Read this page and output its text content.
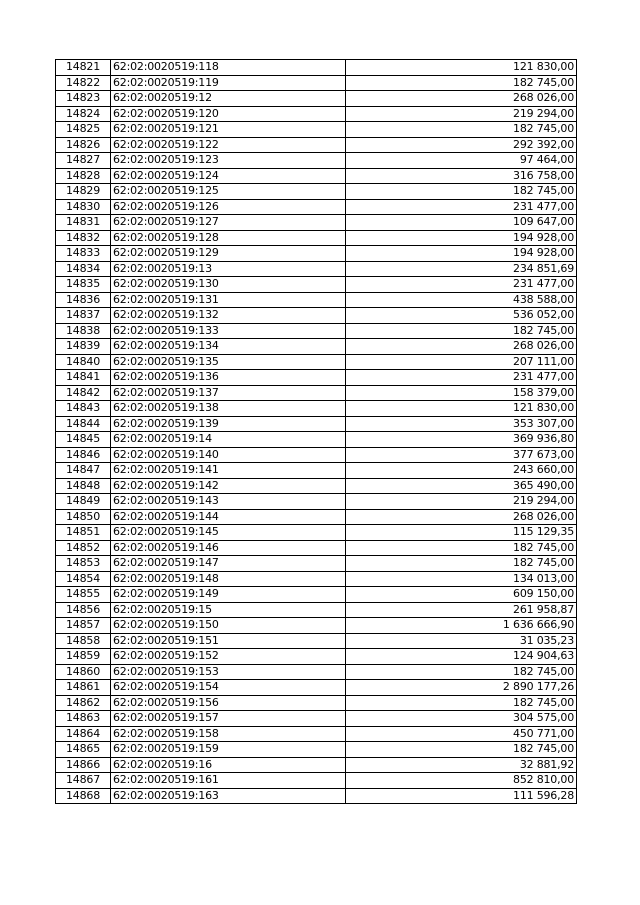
14821	62:02:0020519:118	121 830,00
14822	62:02:0020519:119	182 745,00
14823	62:02:0020519:12	268 026,00
14824	62:02:0020519:120	219 294,00
14825	62:02:0020519:121	182 745,00
14826	62:02:0020519:122	292 392,00
14827	62:02:0020519:123	97 464,00
14828	62:02:0020519:124	316 758,00
14829	62:02:0020519:125	182 745,00
14830	62:02:0020519:126	231 477,00
14831	62:02:0020519:127	109 647,00
14832	62:02:0020519:128	194 928,00
14833	62:02:0020519:129	194 928,00
14834	62:02:0020519:13	234 851,69
14835	62:02:0020519:130	231 477,00
14836	62:02:0020519:131	438 588,00
14837	62:02:0020519:132	536 052,00
14838	62:02:0020519:133	182 745,00
14839	62:02:0020519:134	268 026,00
14840	62:02:0020519:135	207 111,00
14841	62:02:0020519:136	231 477,00
14842	62:02:0020519:137	158 379,00
14843	62:02:0020519:138	121 830,00
14844	62:02:0020519:139	353 307,00
14845	62:02:0020519:14	369 936,80
14846	62:02:0020519:140	377 673,00
14847	62:02:0020519:141	243 660,00
14848	62:02:0020519:142	365 490,00
14849	62:02:0020519:143	219 294,00
14850	62:02:0020519:144	268 026,00
14851	62:02:0020519:145	115 129,35
14852	62:02:0020519:146	182 745,00
14853	62:02:0020519:147	182 745,00
14854	62:02:0020519:148	134 013,00
14855	62:02:0020519:149	609 150,00
14856	62:02:0020519:15	261 958,87
14857	62:02:0020519:150	1 636 666,90
14858	62:02:0020519:151	31 035,23
14859	62:02:0020519:152	124 904,63
14860	62:02:0020519:153	182 745,00
14861	62:02:0020519:154	2 890 177,26
14862	62:02:0020519:156	182 745,00
14863	62:02:0020519:157	304 575,00
14864	62:02:0020519:158	450 771,00
14865	62:02:0020519:159	182 745,00
14866	62:02:0020519:16	32 881,92
14867	62:02:0020519:161	852 810,00
14868	62:02:0020519:163	111 596,28
